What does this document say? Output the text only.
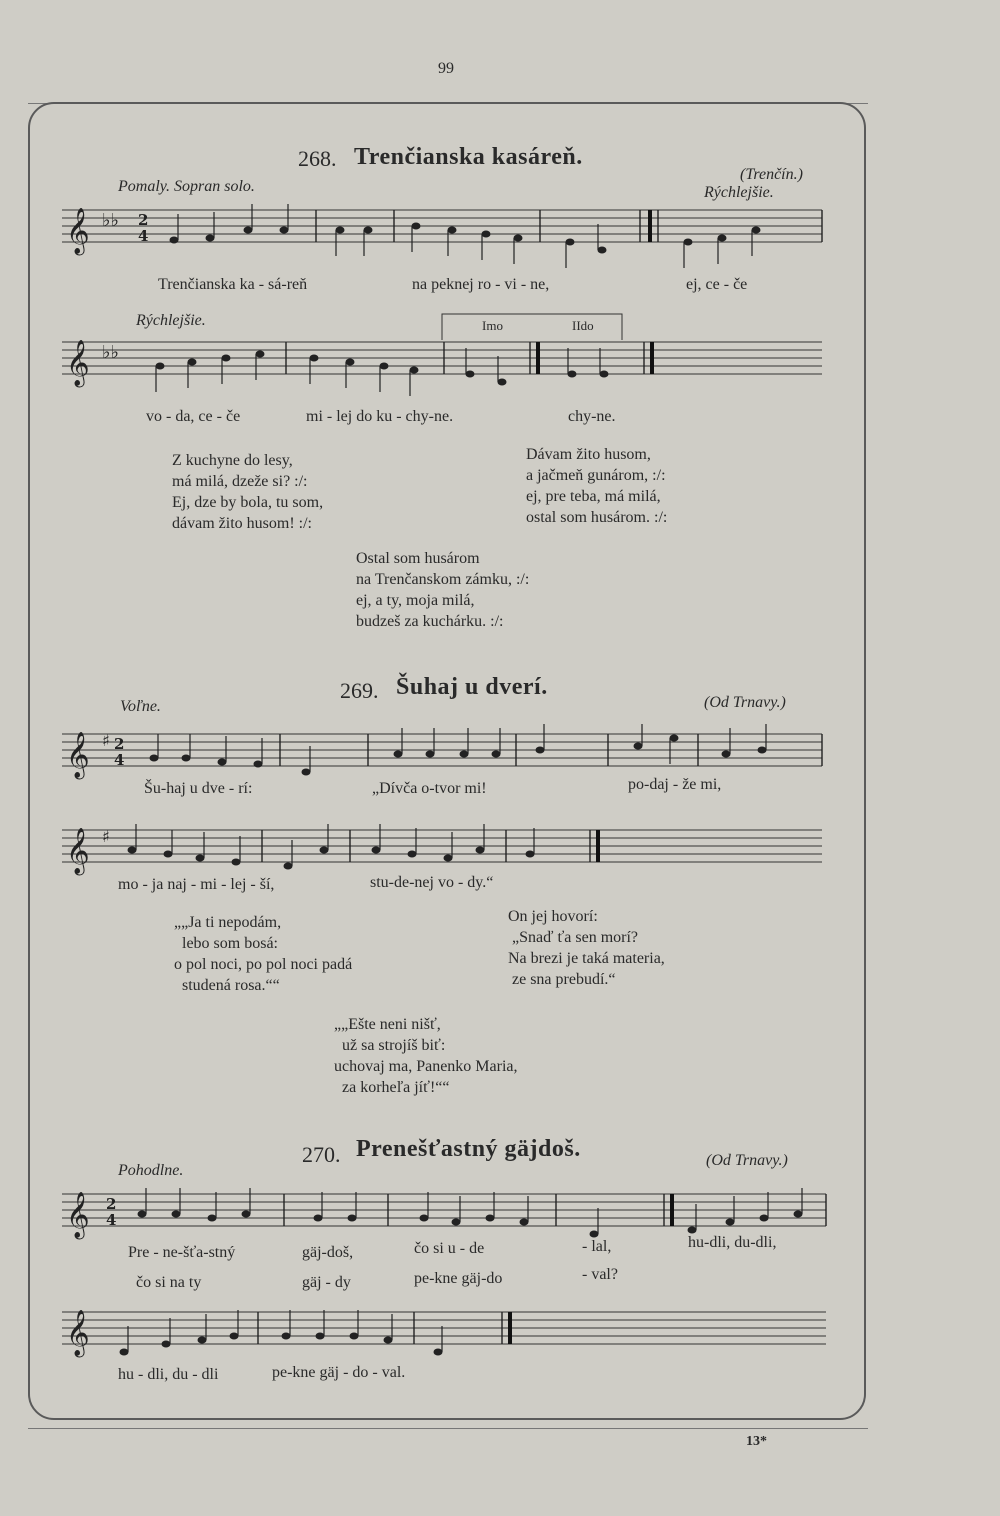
99
268. Trenčianska kasáreň.
Pomaly. Sopran solo.
(Trenčín.)
Rýchlejšie.
𝄞 ♭♭ 2
4
Trenčianska ka - sá-reň	na peknej ro - vi - ne,	ej, ce - če
Rýchlejšie.	Imo	IIdo
𝄞 ♭♭
vo - da, ce - če	mi - lej do ku - chy-ne.	chy-ne.
Z kuchyne do lesy,
má milá, dzeže si? :/:
Ej, dze by bola, tu som,
dávam žito husom! :/:
Dávam žito husom,
a jačmeň gunárom, :/:
ej, pre teba, má milá,
ostal som husárom. :/:
Ostal som husárom
na Trenčanskom zámku, :/:
ej, a ty, moja milá,
budzeš za kuchárku. :/:
269. Šuhaj u dverí.
Voľne.	(Od Trnavy.)
𝄞 ♯ 2
4
Šu-haj u dve - rí:	„Dívča o-tvor mi!	po-daj - že mi,
𝄞 ♯
mo - ja naj - mi - lej - ší,	stu-de-nej vo - dy.“
„„Ja ti nepodám,
lebo som bosá:
o pol noci, po pol noci padá
studená rosa.““
On jej hovorí:
„Snaď ťa sen morí?
Na brezi je taká materia,
ze sna prebudí.“
„„Ešte neni nišť,
už sa strojíš biť:
uchovaj ma, Panenko Maria,
za korheľa jíť!““
270. Prenešťastný gäjdoš.
Pohodlne.
(Od Trnavy.)
𝄞 2
4
Pre - ne-šťa-stný	gäj-doš,	čo si u - de	- lal,
čo si na ty	gäj - dy	pe-kne gäj-do	- val?
hu-dli, du-dli,
𝄞
hu - dli, du - dli	pe-kne gäj - do - val.
13*
